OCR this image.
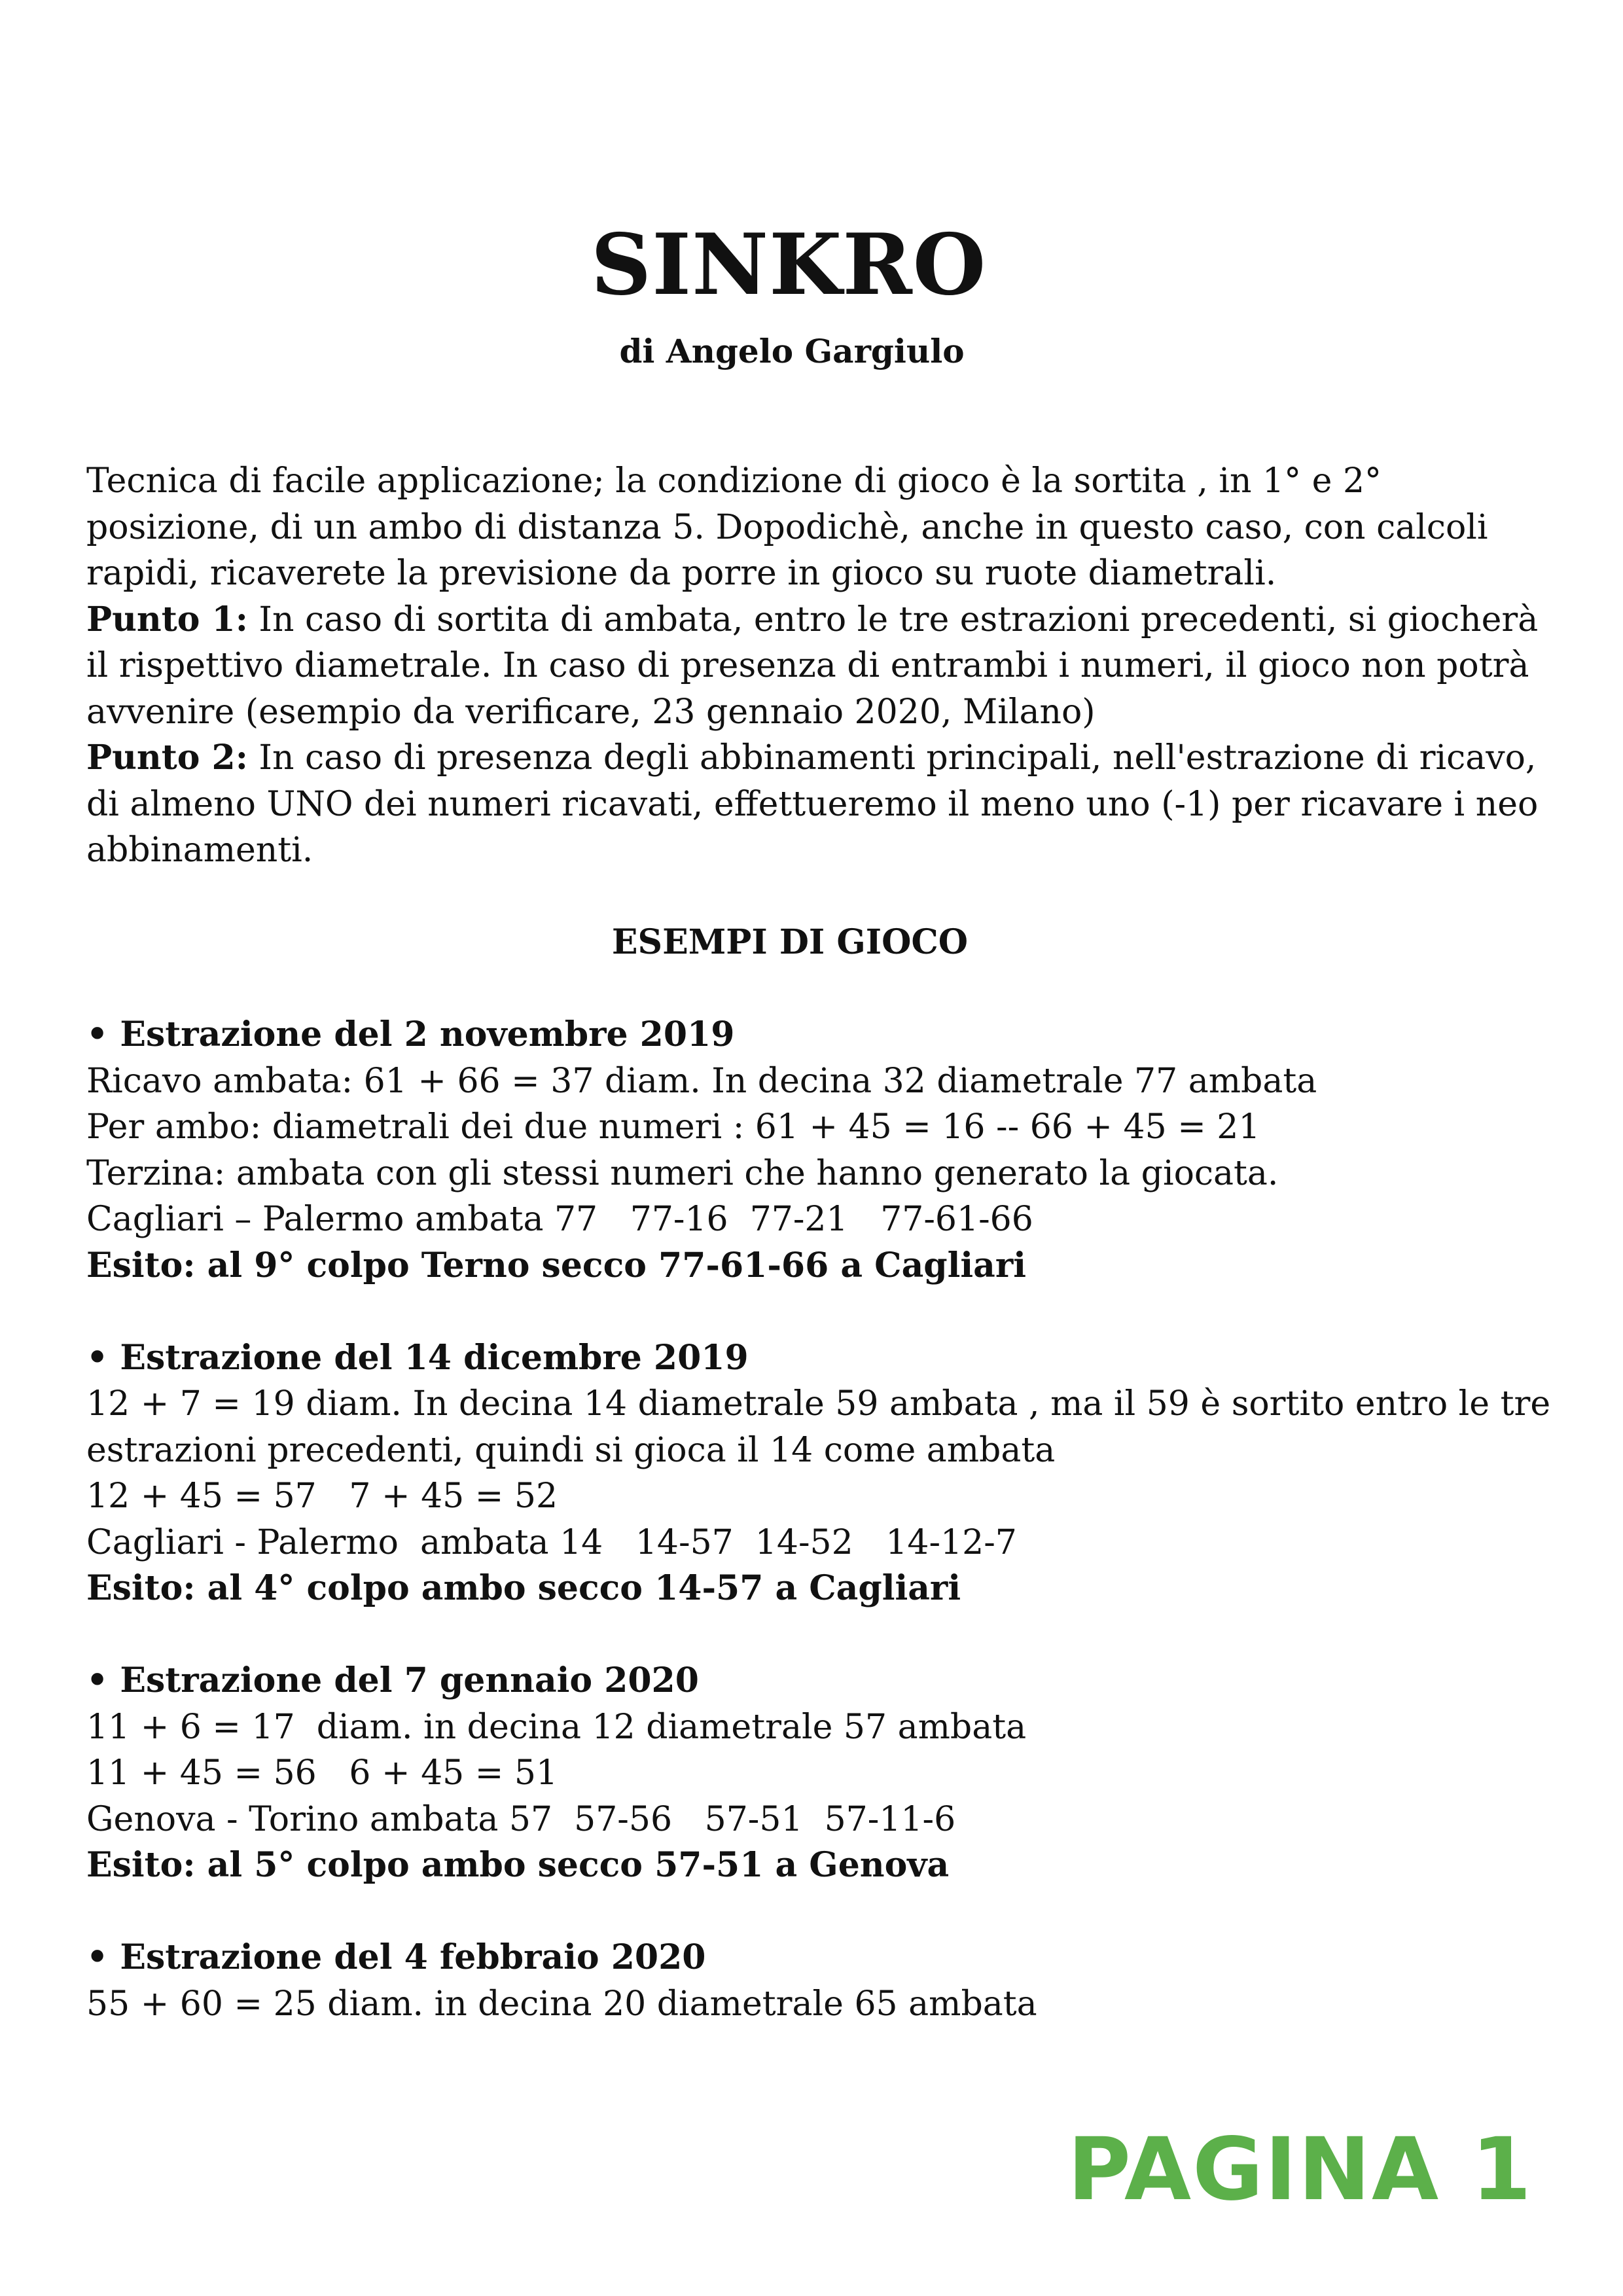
SINKRO
di Angelo Gargiulo
Tecnica di facile applicazione; la condizione di gioco è la sortita , in 1° e 2°
posizione, di un ambo di distanza 5. Dopodichè, anche in questo caso, con calcoli
rapidi, ricaverete la previsione da porre in gioco su ruote diametrali.
Punto 1: In caso di sortita di ambata, entro le tre estrazioni precedenti, si giocherà
il rispettivo diametrale. In caso di presenza di entrambi i numeri, il gioco non potrà
avvenire (esempio da verificare, 23 gennaio 2020, Milano)
Punto 2: In caso di presenza degli abbinamenti principali, nell'estrazione di ricavo,
di almeno UNO dei numeri ricavati, effettueremo il meno uno (-1) per ricavare i neo
abbinamenti.
ESEMPI DI GIOCO
• Estrazione del 2 novembre 2019
Ricavo ambata: 61 + 66 = 37 diam. In decina 32 diametrale 77 ambata
Per ambo: diametrali dei due numeri : 61 + 45 = 16 -- 66 + 45 = 21
Terzina: ambata con gli stessi numeri che hanno generato la giocata.
Cagliari – Palermo ambata 77   77-16  77-21   77-61-66
Esito: al 9° colpo Terno secco 77-61-66 a Cagliari
• Estrazione del 14 dicembre 2019
12 + 7 = 19 diam. In decina 14 diametrale 59 ambata , ma il 59 è sortito entro le tre
estrazioni precedenti, quindi si gioca il 14 come ambata
12 + 45 = 57   7 + 45 = 52
Cagliari - Palermo  ambata 14   14-57  14-52   14-12-7
Esito: al 4° colpo ambo secco 14-57 a Cagliari
• Estrazione del 7 gennaio 2020
11 + 6 = 17  diam. in decina 12 diametrale 57 ambata
11 + 45 = 56   6 + 45 = 51
Genova - Torino ambata 57  57-56   57-51  57-11-6
Esito: al 5° colpo ambo secco 57-51 a Genova
• Estrazione del 4 febbraio 2020
55 + 60 = 25 diam. in decina 20 diametrale 65 ambata
PAGINA 1
